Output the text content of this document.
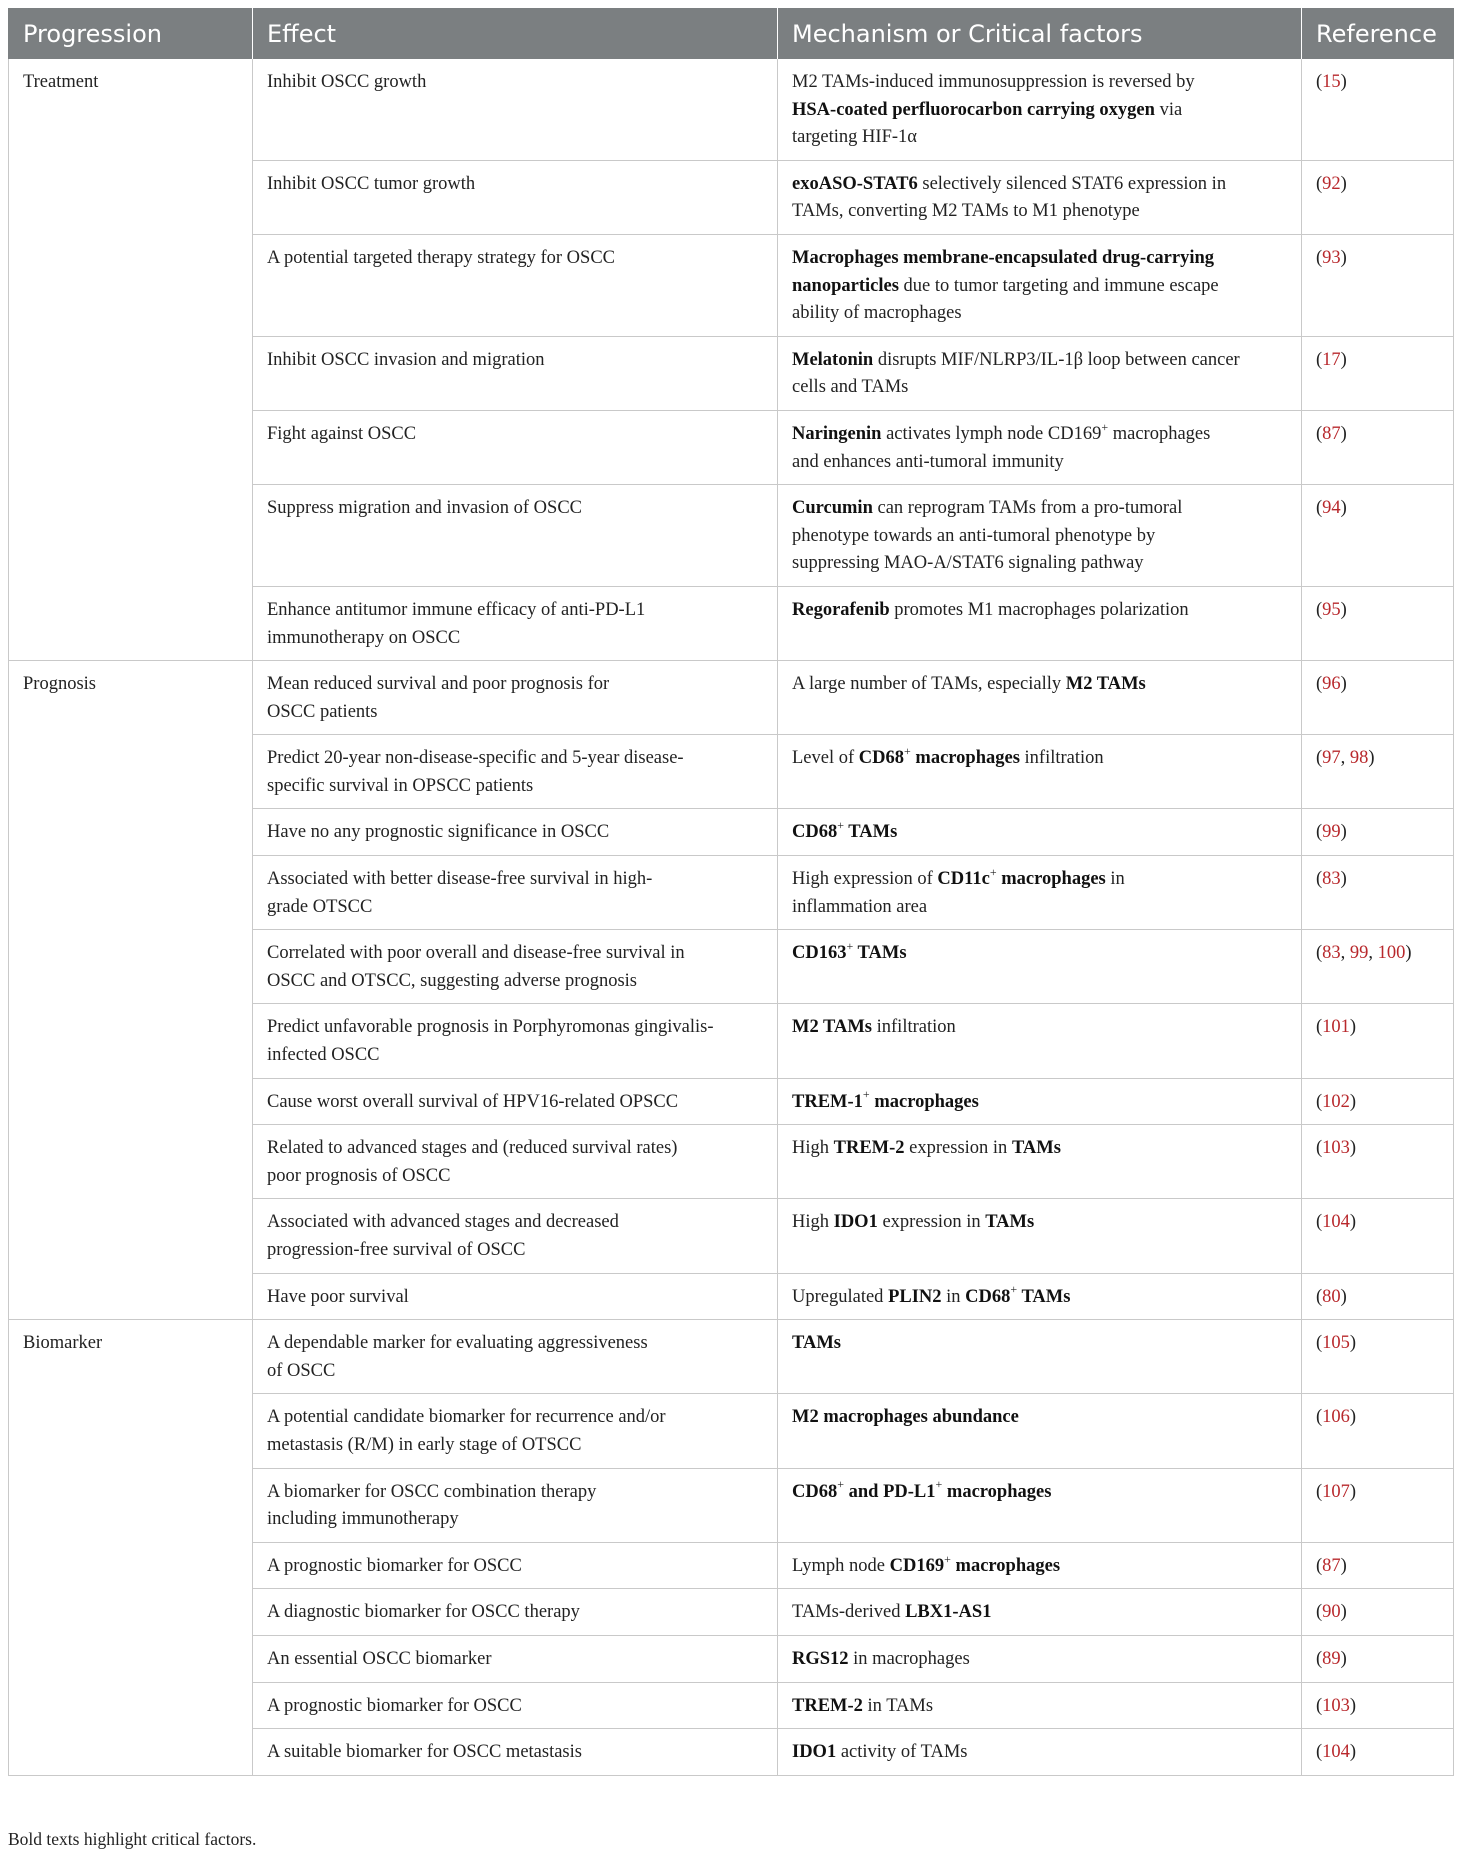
Progression	Effect	Mechanism or Critical factors	Reference
Treatment	Inhibit OSCC growth	M2 TAMs-induced immunosuppression is reversed by
HSA-coated perfluorocarbon carrying oxygen via
targeting HIF-1α	(15)
	Inhibit OSCC tumor growth	exoASO-STAT6 selectively silenced STAT6 expression in
TAMs, converting M2 TAMs to M1 phenotype	(92)
	A potential targeted therapy strategy for OSCC	Macrophages membrane-encapsulated drug-carrying
nanoparticles due to tumor targeting and immune escape
ability of macrophages	(93)
	Inhibit OSCC invasion and migration	Melatonin disrupts MIF/NLRP3/IL-1β loop between cancer
cells and TAMs	(17)
	Fight against OSCC	Naringenin activates lymph node CD169+ macrophages
and enhances anti-tumoral immunity	(87)
	Suppress migration and invasion of OSCC	Curcumin can reprogram TAMs from a pro-tumoral
phenotype towards an anti-tumoral phenotype by
suppressing MAO-A/STAT6 signaling pathway	(94)
	Enhance antitumor immune efficacy of anti-PD-L1
immunotherapy on OSCC	Regorafenib promotes M1 macrophages polarization	(95)
Prognosis	Mean reduced survival and poor prognosis for
OSCC patients	A large number of TAMs, especially M2 TAMs	(96)
	Predict 20-year non-disease-specific and 5-year disease-
specific survival in OPSCC patients	Level of CD68+ macrophages infiltration	(97, 98)
	Have no any prognostic significance in OSCC	CD68+ TAMs	(99)
	Associated with better disease-free survival in high-
grade OTSCC	High expression of CD11c+ macrophages in
inflammation area	(83)
	Correlated with poor overall and disease-free survival in
OSCC and OTSCC, suggesting adverse prognosis	CD163+ TAMs	(83, 99, 100)
	Predict unfavorable prognosis in Porphyromonas gingivalis-
infected OSCC	M2 TAMs infiltration	(101)
	Cause worst overall survival of HPV16-related OPSCC	TREM-1+ macrophages	(102)
	Related to advanced stages and (reduced survival rates)
poor prognosis of OSCC	High TREM-2 expression in TAMs	(103)
	Associated with advanced stages and decreased
progression-free survival of OSCC	High IDO1 expression in TAMs	(104)
	Have poor survival	Upregulated PLIN2 in CD68+ TAMs	(80)
Biomarker	A dependable marker for evaluating aggressiveness
of OSCC	TAMs	(105)
	A potential candidate biomarker for recurrence and/or
metastasis (R/M) in early stage of OTSCC	M2 macrophages abundance	(106)
	A biomarker for OSCC combination therapy
including immunotherapy	CD68+ and PD-L1+ macrophages	(107)
	A prognostic biomarker for OSCC	Lymph node CD169+ macrophages	(87)
	A diagnostic biomarker for OSCC therapy	TAMs-derived LBX1-AS1	(90)
	An essential OSCC biomarker	RGS12 in macrophages	(89)
	A prognostic biomarker for OSCC	TREM-2 in TAMs	(103)
	A suitable biomarker for OSCC metastasis	IDO1 activity of TAMs	(104)
Bold texts highlight critical factors.
